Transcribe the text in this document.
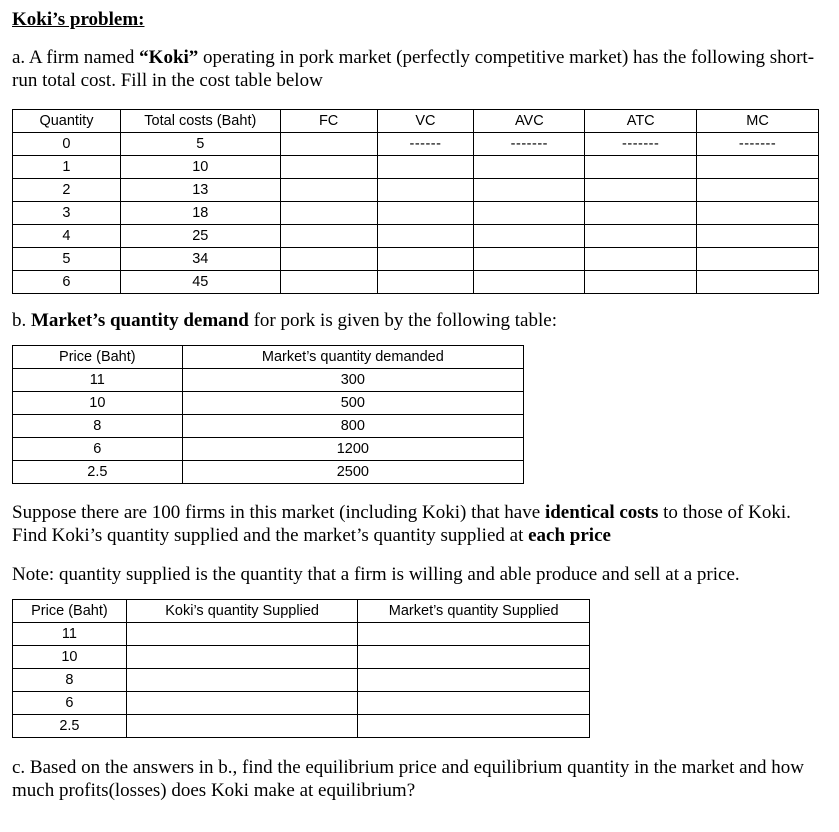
Koki’s problem:
a. A firm named “Koki” operating in pork market (perfectly competitive market) has the following short-run total cost. Fill in the cost table below
Quantity	Total costs (Baht)	FC	VC	AVC	ATC	MC
0	5		------	-------	-------	-------
1	10					
2	13					
3	18					
4	25					
5	34					
6	45					
b. Market’s quantity demand for pork is given by the following table:
Price (Baht)	Market’s quantity demanded
11	300
10	500
8	800
6	1200
2.5	2500
Suppose there are 100 firms in this market (including Koki) that have identical costs to those of Koki. Find Koki’s quantity supplied and the market’s quantity supplied at each price
Note: quantity supplied is the quantity that a firm is willing and able produce and sell at a price.
Price (Baht)	Koki’s quantity Supplied	Market’s quantity Supplied
11		
10		
8		
6		
2.5		
c. Based on the answers in b., find the equilibrium price and equilibrium quantity in the market and how much profits(losses) does Koki make at equilibrium?
